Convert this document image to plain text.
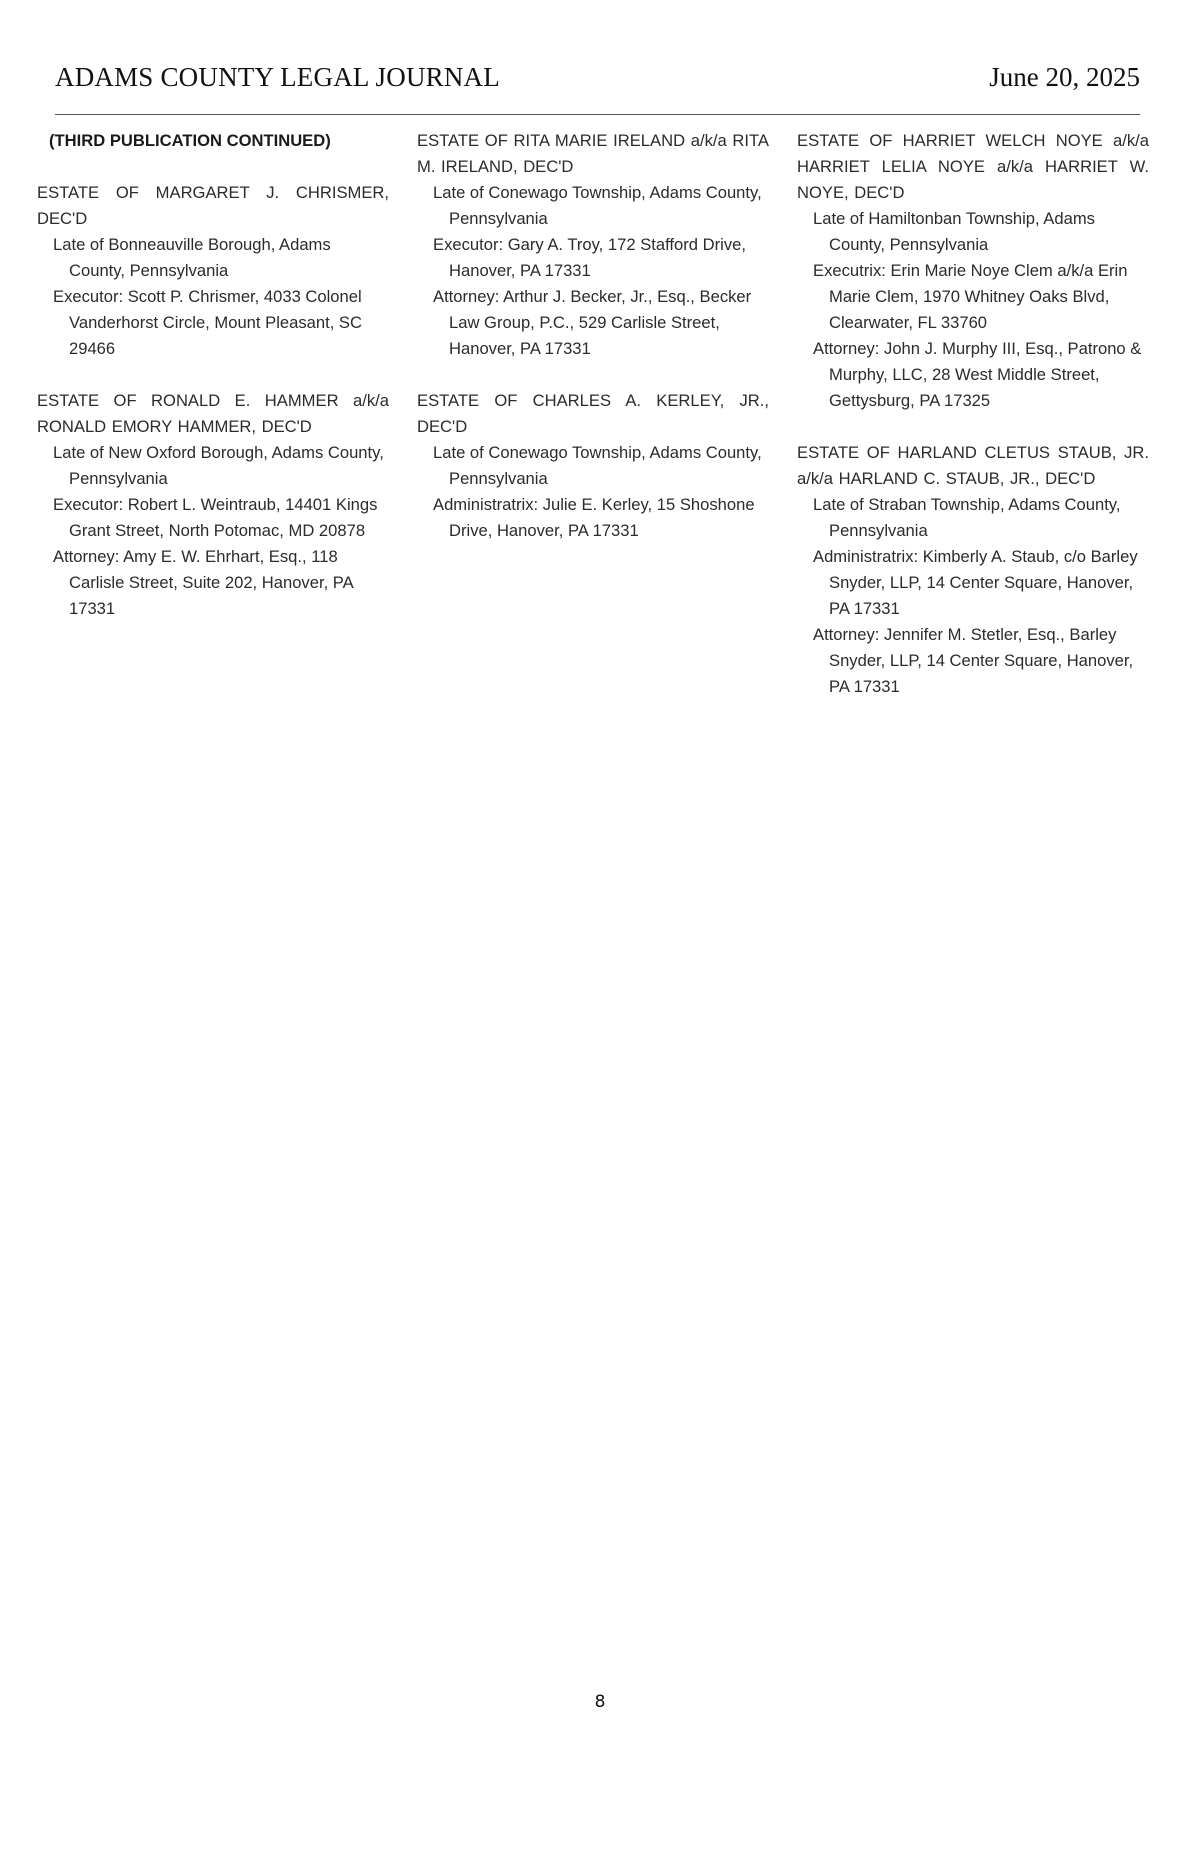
ADAMS COUNTY LEGAL JOURNAL	June 20, 2025
(THIRD PUBLICATION CONTINUED)
ESTATE OF MARGARET J. CHRISMER, DEC'D
Late of Bonneauville Borough, Adams County, Pennsylvania
Executor: Scott P. Chrismer, 4033 Colonel Vanderhorst Circle, Mount Pleasant, SC 29466
ESTATE OF RONALD E. HAMMER a/k/a RONALD EMORY HAMMER, DEC'D
Late of New Oxford Borough, Adams County, Pennsylvania
Executor: Robert L. Weintraub, 14401 Kings Grant Street, North Potomac, MD 20878
Attorney: Amy E. W. Ehrhart, Esq., 118 Carlisle Street, Suite 202, Hanover, PA 17331
ESTATE OF RITA MARIE IRELAND a/k/a RITA M. IRELAND, DEC'D
Late of Conewago Township, Adams County, Pennsylvania
Executor: Gary A. Troy, 172 Stafford Drive, Hanover, PA 17331
Attorney: Arthur J. Becker, Jr., Esq., Becker Law Group, P.C., 529 Carlisle Street, Hanover, PA 17331
ESTATE OF CHARLES A. KERLEY, JR., DEC'D
Late of Conewago Township, Adams County, Pennsylvania
Administratrix: Julie E. Kerley, 15 Shoshone Drive, Hanover, PA 17331
ESTATE OF HARRIET WELCH NOYE a/k/a HARRIET LELIA NOYE a/k/a HARRIET W. NOYE, DEC'D
Late of Hamiltonban Township, Adams County, Pennsylvania
Executrix: Erin Marie Noye Clem a/k/a Erin Marie Clem, 1970 Whitney Oaks Blvd, Clearwater, FL 33760
Attorney: John J. Murphy III, Esq., Patrono & Murphy, LLC, 28 West Middle Street, Gettysburg, PA 17325
ESTATE OF HARLAND CLETUS STAUB, JR. a/k/a HARLAND C. STAUB, JR., DEC'D
Late of Straban Township, Adams County, Pennsylvania
Administratrix: Kimberly A. Staub, c/o Barley Snyder, LLP, 14 Center Square, Hanover, PA 17331
Attorney: Jennifer M. Stetler, Esq., Barley Snyder, LLP, 14 Center Square, Hanover, PA 17331
8
